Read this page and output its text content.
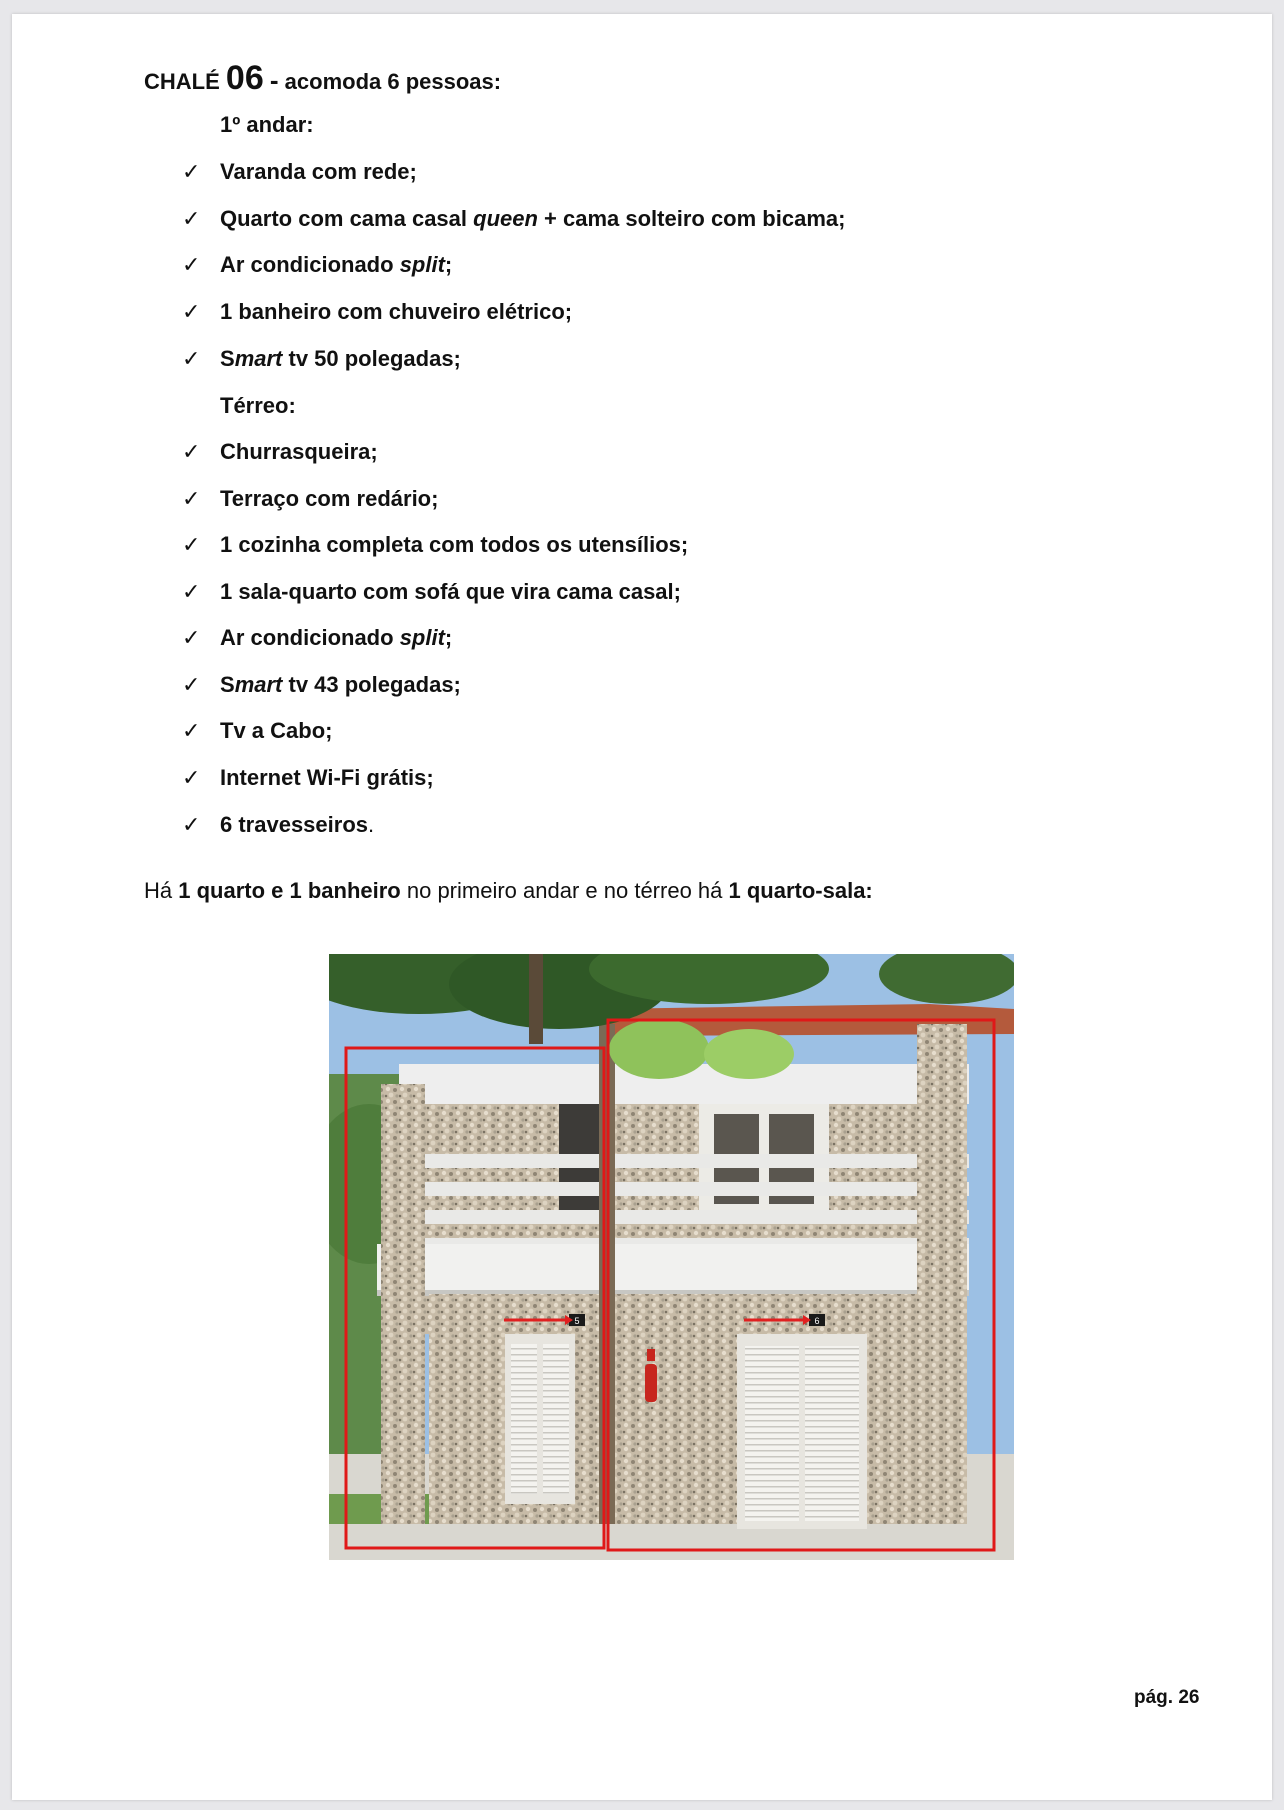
CHALÉ 06 - acomoda 6 pessoas:
1º andar:
✓ Varanda com rede;
✓ Quarto com cama casal queen + cama solteiro com bicama;
✓ Ar condicionado split;
✓ 1 banheiro com chuveiro elétrico;
✓ Smart tv 50 polegadas;
Térreo:
✓ Churrasqueira;
✓ Terraço com redário;
✓ 1 cozinha completa com todos os utensílios;
✓ 1 sala-quarto com sofá que vira cama casal;
✓ Ar condicionado split;
✓ Smart tv 43 polegadas;
✓ Tv a Cabo;
✓ Internet Wi-Fi grátis;
✓ 6 travesseiros.
Há 1 quarto e 1 banheiro no primeiro andar e no térreo há 1 quarto-sala:
5	6
pág. 26
